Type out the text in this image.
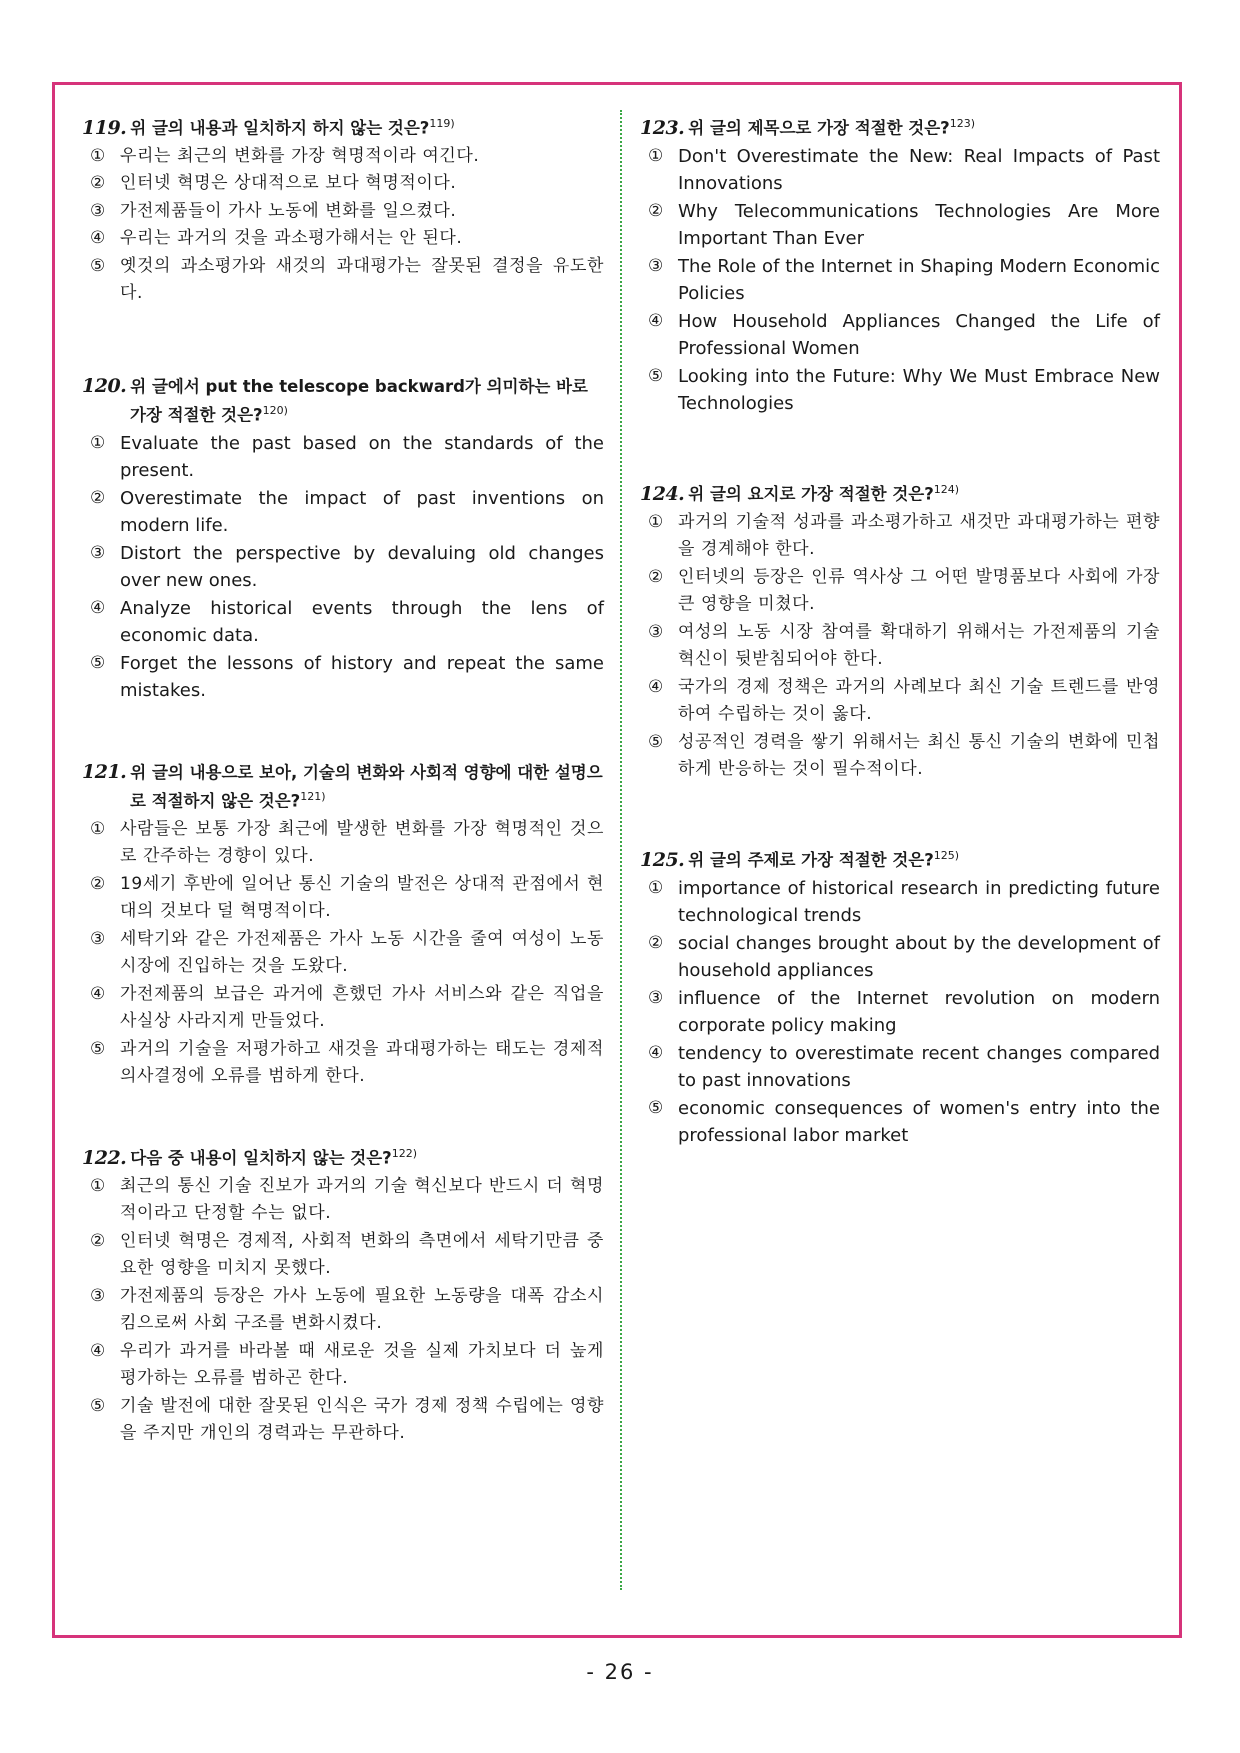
119. 위 글의 내용과 일치하지 하지 않는 것은?$^{119)}$
① 우리는 최근의 변화를 가장 혁명적이라 여긴다.
② 인터넷 혁명은 상대적으로 보다 혁명적이다.
③ 가전제품들이 가사 노동에 변화를 일으켰다.
④ 우리는 과거의 것을 과소평가해서는 안 된다.
⑤ 옛것의 과소평가와 새것의 과대평가는 잘못된 결정을 유도한다.
120. 위 글에서 put the telescope backward가 의미하는 바로 가장 적절한 것은?$^{120)}$
① Evaluate the past based on the standards of the present.
② Overestimate the impact of past inventions on modern life.
③ Distort the perspective by devaluing old changes over new ones.
④ Analyze historical events through the lens of economic data.
⑤ Forget the lessons of history and repeat the same mistakes.
121. 위 글의 내용으로 보아, 기술의 변화와 사회적 영향에 대한 설명으로 적절하지 않은 것은?$^{121)}$
① 사람들은 보통 가장 최근에 발생한 변화를 가장 혁명적인 것으로 간주하는 경향이 있다.
② 19세기 후반에 일어난 통신 기술의 발전은 상대적 관점에서 현대의 것보다 덜 혁명적이다.
③ 세탁기와 같은 가전제품은 가사 노동 시간을 줄여 여성이 노동 시장에 진입하는 것을 도왔다.
④ 가전제품의 보급은 과거에 흔했던 가사 서비스와 같은 직업을 사실상 사라지게 만들었다.
⑤ 과거의 기술을 저평가하고 새것을 과대평가하는 태도는 경제적 의사결정에 오류를 범하게 한다.
122. 다음 중 내용이 일치하지 않는 것은?$^{122)}$
① 최근의 통신 기술 진보가 과거의 기술 혁신보다 반드시 더 혁명적이라고 단정할 수는 없다.
② 인터넷 혁명은 경제적, 사회적 변화의 측면에서 세탁기만큼 중요한 영향을 미치지 못했다.
③ 가전제품의 등장은 가사 노동에 필요한 노동량을 대폭 감소시킴으로써 사회 구조를 변화시켰다.
④ 우리가 과거를 바라볼 때 새로운 것을 실제 가치보다 더 높게 평가하는 오류를 범하곤 한다.
⑤ 기술 발전에 대한 잘못된 인식은 국가 경제 정책 수립에는 영향을 주지만 개인의 경력과는 무관하다.
123. 위 글의 제목으로 가장 적절한 것은?$^{123)}$
① Don't Overestimate the New: Real Impacts of Past Innovations
② Why Telecommunications Technologies Are More Important Than Ever
③ The Role of the Internet in Shaping Modern Economic Policies
④ How Household Appliances Changed the Life of Professional Women
⑤ Looking into the Future: Why We Must Embrace New Technologies
124. 위 글의 요지로 가장 적절한 것은?$^{124)}$
① 과거의 기술적 성과를 과소평가하고 새것만 과대평가하는 편향을 경계해야 한다.
② 인터넷의 등장은 인류 역사상 그 어떤 발명품보다 사회에 가장 큰 영향을 미쳤다.
③ 여성의 노동 시장 참여를 확대하기 위해서는 가전제품의 기술 혁신이 뒷받침되어야 한다.
④ 국가의 경제 정책은 과거의 사례보다 최신 기술 트렌드를 반영하여 수립하는 것이 옳다.
⑤ 성공적인 경력을 쌓기 위해서는 최신 통신 기술의 변화에 민첩하게 반응하는 것이 필수적이다.
125. 위 글의 주제로 가장 적절한 것은?$^{125)}$
① importance of historical research in predicting future technological trends
② social changes brought about by the development of household appliances
③ influence of the Internet revolution on modern corporate policy making
④ tendency to overestimate recent changes compared to past innovations
⑤ economic consequences of women's entry into the professional labor market
- 26 -
